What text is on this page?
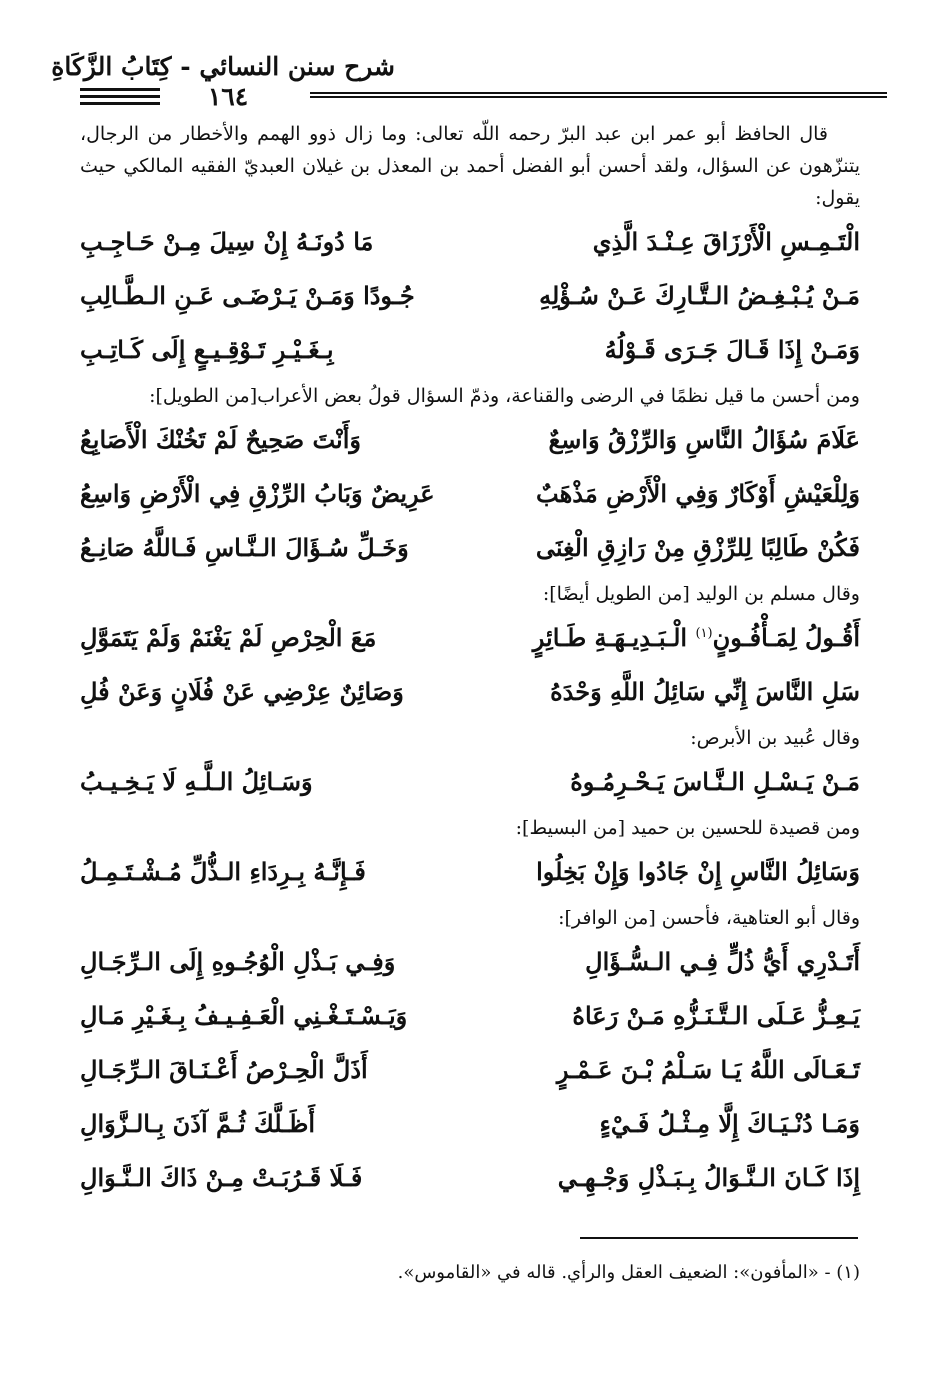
شرح سنن النسائي - كِتَابُ الزَّكَاةِ
١٦٤

قال الحافظ أبو عمر ابن عبد البرّ رحمه اللّه تعالى: وما زال ذوو الهمم والأخطار من الرجال، يتنزّهون عن السؤال، ولقد أحسن أبو الفضل أحمد بن المعذل بن غيلان العبديّ الفقيه المالكي حيث يقول:

الْتَـمِـسِ الْأَرْزَاقَ عِـنْـدَ الَّذِي
مَا دُونَـهُ إِنْ سِيلَ مِـنْ حَـاجِـبِ
مَـنْ يُـبْـغِـضُ الـتَّـارِكَ عَـنْ سُـؤْلِهِ
جُـودًا وَمَـنْ يَـرْضَـى عَـنِ الـطَّـالِبِ
وَمَـنْ إِذَا قَـالَ جَـرَى قَـوْلُهُ
بِـغَـيْـرِ تَـوْقِـيـعٍ إِلَى كَـاتِـبِ

ومن أحسن ما قيل نظمًا في الرضى والقناعة، وذمّ السؤال قولُ بعض الأعراب[من الطويل]:

عَلَامَ سُؤَالُ النَّاسِ وَالرِّزْقُ وَاسِعٌ
وَأَنْتَ صَحِيحٌ لَمْ تَخُنْكَ الْأَصَابِعُ
وَلِلْعَيْشِ أَوْكَارٌ وَفِي الْأَرْضِ مَذْهَبٌ
عَرِيضٌ وَبَابُ الرِّزْقِ فِي الْأَرْضِ وَاسِعُ
فَكُنْ طَالِبًا لِلرِّزْقِ مِنْ رَازِقِ الْغِنَى
وَخَـلِّ سُـؤَالَ الـنَّـاسِ فَـاللَّهُ صَانِـعُ

وقال مسلم بن الوليد [من الطويل أيضًا]:

أَقُـولُ لِمَـأْفُـونٍ$^{(١)}$ الْـبَـدِيـهَـةِ طَـائِرٍ
مَعَ الْحِرْصِ لَمْ يَغْنَمْ وَلَمْ يَتَمَوَّلِ
سَلِ النَّاسَ إِنِّي سَائِلُ اللَّهِ وَحْدَهُ
وَصَائِنٌ عِرْضِي عَنْ فُلَانٍ وَعَنْ فُلِ

وقال عُبيد بن الأبرص:

مَـنْ يَـسْـلِ الـنَّـاسَ يَـحْـرِمُـوهُ
وَسَـائِلُ الـلَّـهِ لَا يَـخِـيـبُ

ومن قصيدة للحسين بن حميد [من البسيط]:

وَسَائِلُ النَّاسِ إِنْ جَادُوا وَإِنْ بَخِلُوا
فَـإِنَّـهُ بِـرِدَاءِ الـذُّلِّ مُـشْـتَـمِـلُ

وقال أبو العتاهية، فأحسن [من الوافر]:

أَتَـدْرِي أَيُّ ذُلٍّ فِـي الـسُّـؤَالِ
وَفِـي بَـذْلِ الْوُجُـوهِ إِلَى الـرِّجَـالِ
يَـعِـزُّ عَـلَى الـتَّـنَـزُّهِ مَـنْ رَعَاهُ
وَيَـسْـتَـغْـنِي الْعَـفِـيـفُ بِـغَـيْرِ مَـالِ
تَـعَـالَى اللَّهُ يَـا سَـلْمُ بْـنَ عَـمْـرٍ
أَذَلَّ الْحِـرْصُ أَعْـنَـاقَ الـرِّجَـالِ
وَمَـا دُنْـيَـاكَ إِلَّا مِـثْـلُ فَـيْءٍ
أَظَـلَّكَ ثُـمَّ آذَنَ بِـالـزَّوَالِ
إِذَا كَـانَ الـنَّـوَالُ بِـبَـذْلِ وَجْـهِـي
فَـلَا قَـرُبَـتْ مِـنْ ذَاكَ الـنَّـوَالِ
(١) - «المأفون»: الضعيف العقل والرأي. قاله في «القاموس».
